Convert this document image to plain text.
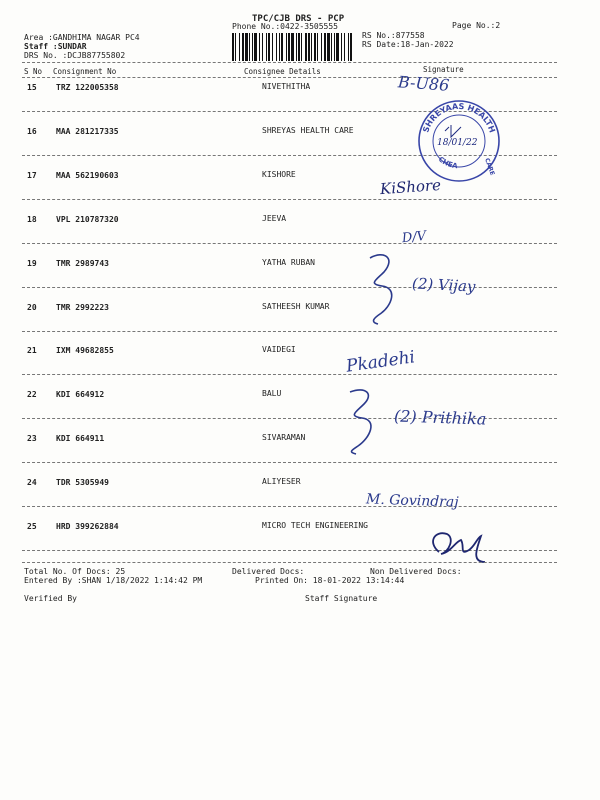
TPC/CJB DRS - PCP
Phone No.:0422-3505555	Page No.:2
Area :GANDHIMA NAGAR PC4
Staff :SUNDAR
DRS No. :DCJB87755802
RS No.:877558
RS Date:18-Jan-2022
S No Consignment No	Consignee Details	Signature
15 TRZ 122005358	NIVETHITHA
16 MAA 281217335	SHREYAS HEALTH CARE
17 MAA 562190603	KISHORE
18 VPL 210787320	JEEVA
19 TMR 2989743	YATHA RUBAN
20 TMR 2992223	SATHEESH KUMAR
21 IXM 49682855	VAIDEGI
22 KDI 664912	BALU
23 KDI 664911	SIVARAMAN
24 TDR 5305949	ALIYESER
25 HRD 399262884	MICRO TECH ENGINEERING
B-U86
SHREYAAS HEALTH
CHEA	CARE
18/01/22
KiShore
D/V
(2) Vijay
Pkadehi
(2) Prithika
M. Govindraj
Total No. Of Docs: 25	Delivered Docs:	Non Delivered Docs:
Entered By :SHAN 1/18/2022 1:14:42 PM	Printed On: 18-01-2022 13:14:44
Verified By	Staff Signature
